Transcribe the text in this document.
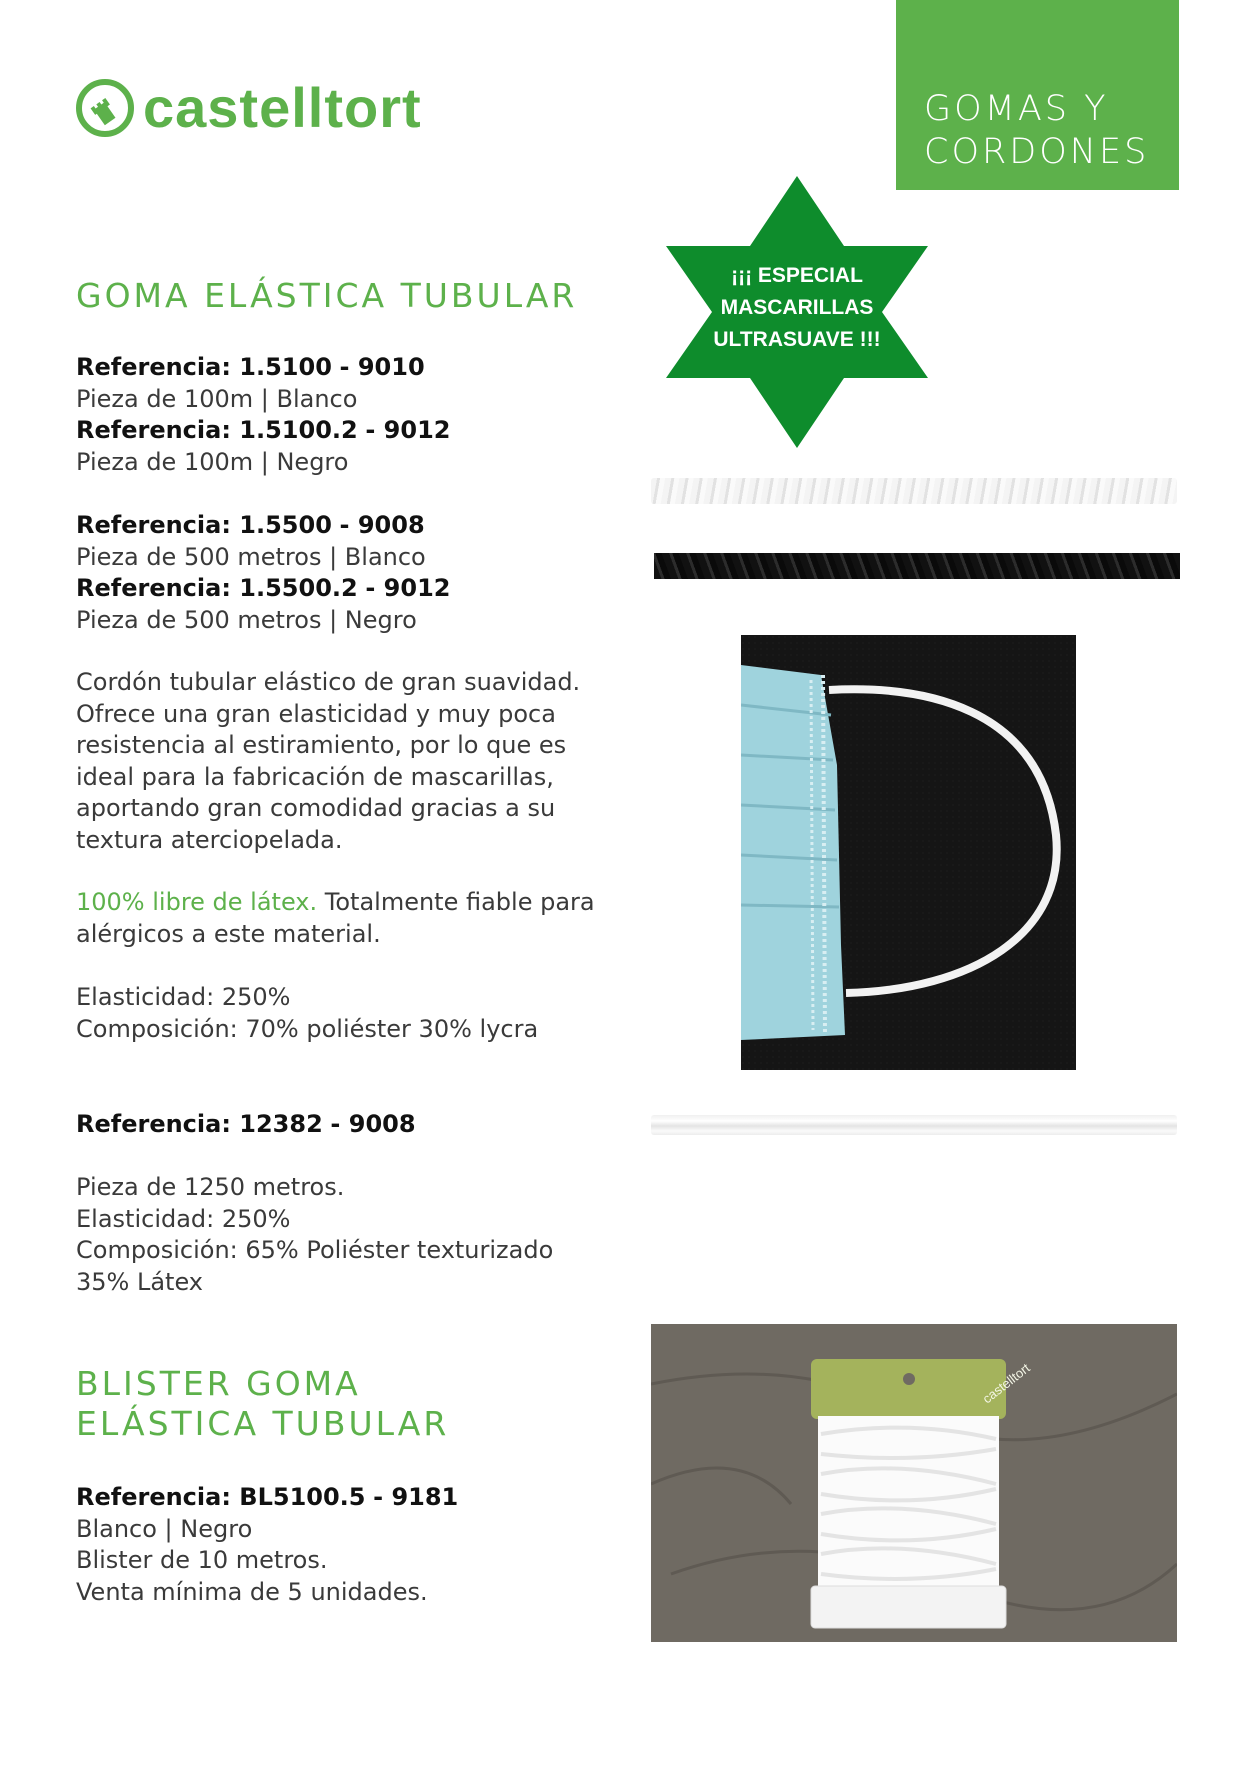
castelltort	GOMAS Y
CORDONES
¡¡¡ ESPECIAL
MASCARILLAS
ULTRASUAVE !!!
GOMA ELÁSTICA TUBULAR
Referencia: 1.5100 - 9010
Pieza de 100m | Blanco
Referencia: 1.5100.2 - 9012
Pieza de 100m | Negro
Referencia: 1.5500 - 9008
Pieza de 500 metros | Blanco
Referencia: 1.5500.2 - 9012
Pieza de 500 metros | Negro
Cordón tubular elástico de gran suavidad.
Ofrece una gran elasticidad y muy poca
resistencia al estiramiento, por lo que es
ideal para la fabricación de mascarillas,
aportando gran comodidad gracias a su
textura aterciopelada.
100% libre de látex. Totalmente fiable para
alérgicos a este material.
Elasticidad: 250%
Composición: 70% poliéster 30% lycra
Referencia: 12382 - 9008
Pieza de 1250 metros.
Elasticidad: 250%
Composición: 65% Poliéster texturizado
35% Látex
BLISTER GOMA
ELÁSTICA TUBULAR
Referencia: BL5100.5 - 9181
Blanco | Negro
Blister de 10 metros.
Venta mínima de 5 unidades.
castelltort
